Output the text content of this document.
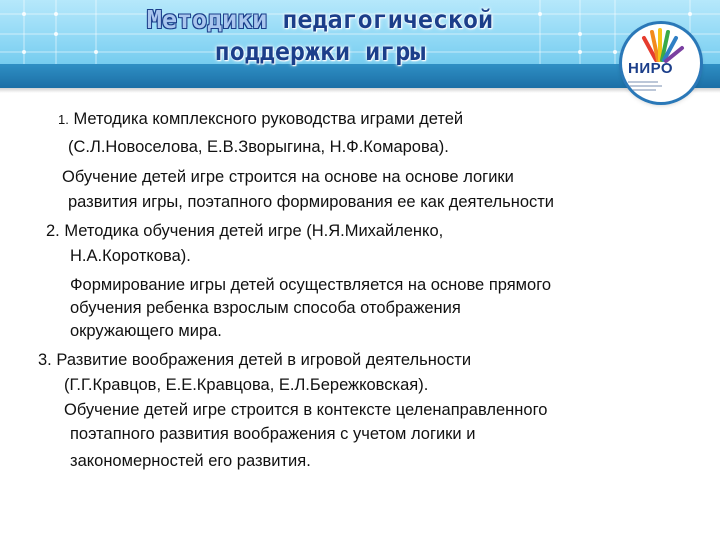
Методики педагогической
поддержки игры
НИРО
1. Методика комплексного руководства играми детей
(С.Л.Новоселова, Е.В.Зворыгина, Н.Ф.Комарова).
Обучение детей игре строится на основе на основе логики
развития игры, поэтапного формирования ее как деятельности
2. Методика обучения детей игре (Н.Я.Михайленко,
Н.А.Короткова).
Формирование игры детей осуществляется на основе прямого
обучения ребенка взрослым способа отображения
окружающего мира.
3. Развитие воображения детей в игровой деятельности
(Г.Г.Кравцов, Е.Е.Кравцова, Е.Л.Бережковская).
Обучение детей игре строится в контексте целенаправленного
поэтапного развития воображения с учетом логики и
закономерностей его развития.
